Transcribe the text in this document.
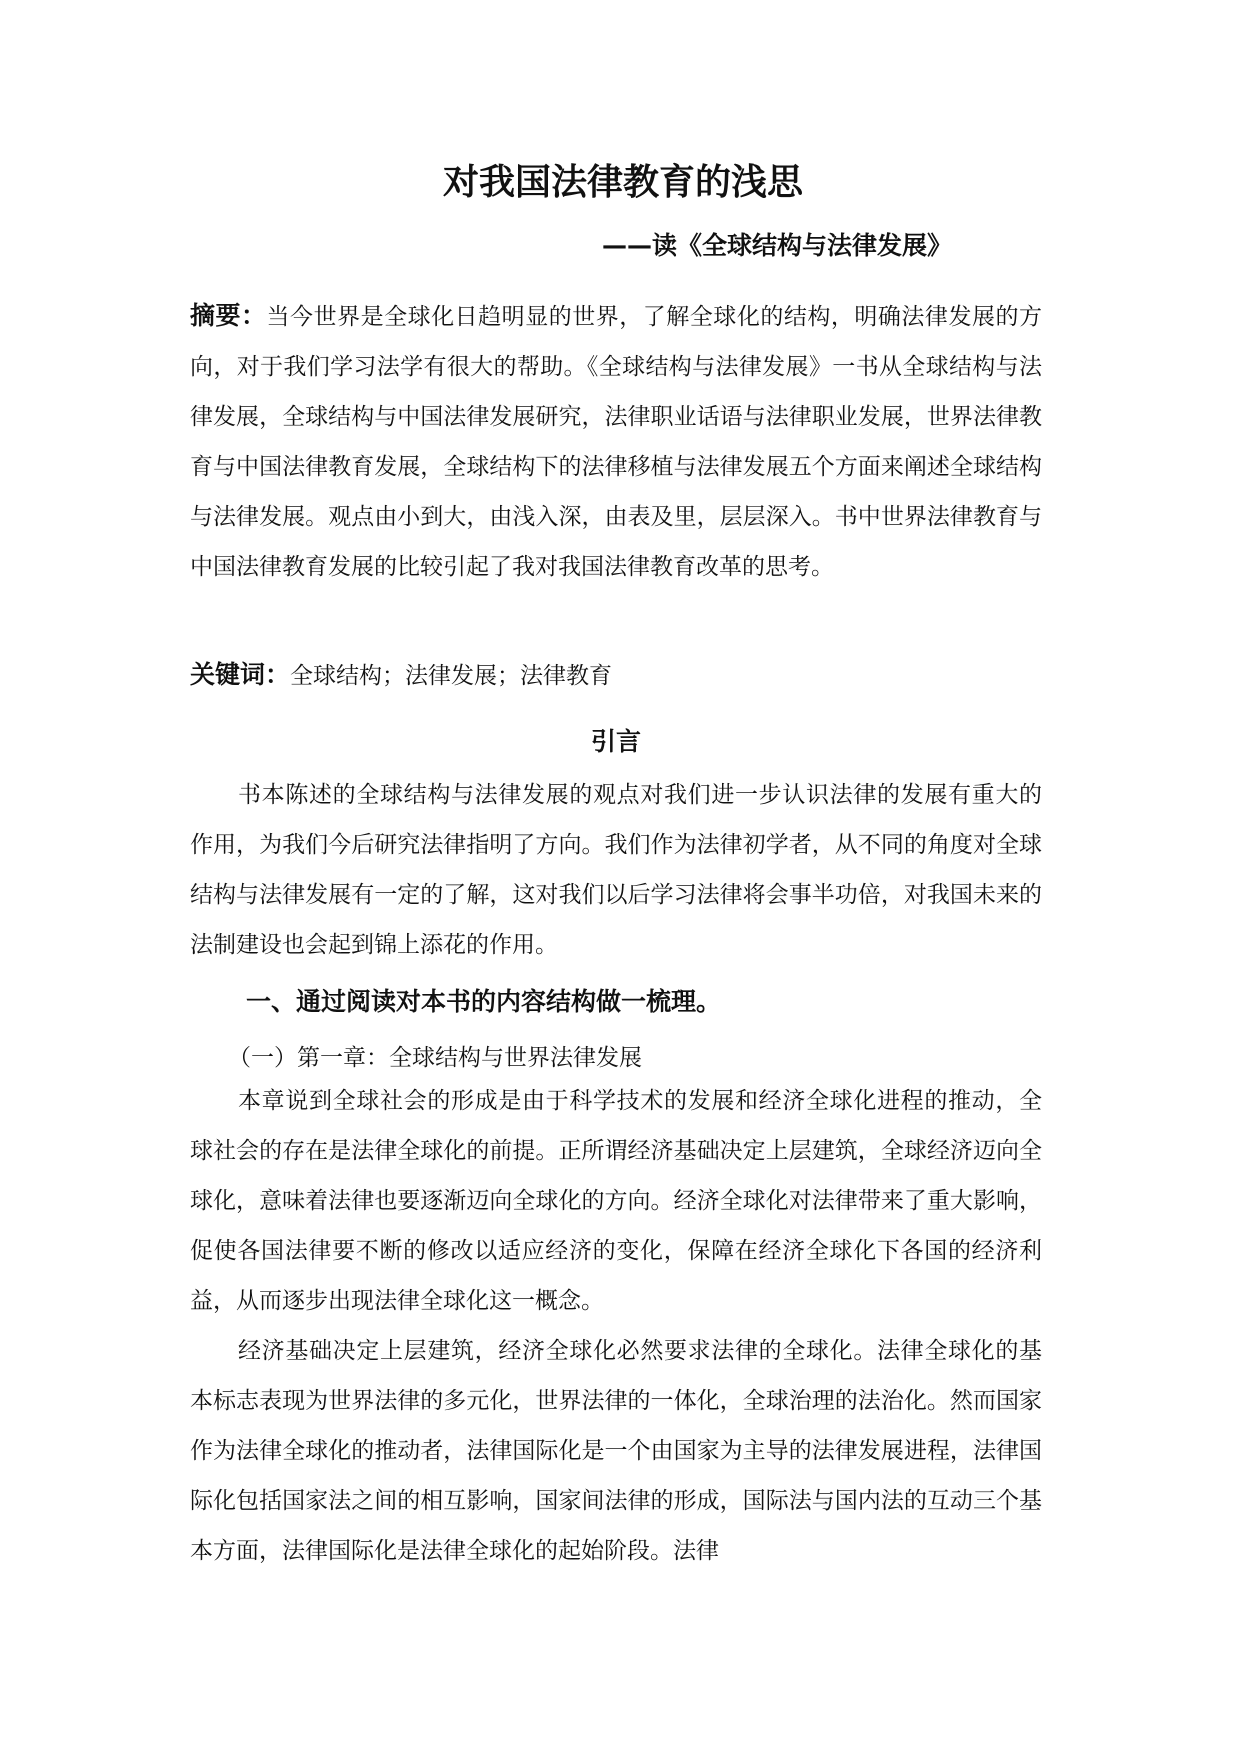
对我国法律教育的浅思
——读《全球结构与法律发展》

摘要：当今世界是全球化日趋明显的世界，了解全球化的结构，明确法律发展的方向，对于我们学习法学有很大的帮助。《全球结构与法律发展》一书从全球结构与法律发展，全球结构与中国法律发展研究，法律职业话语与法律职业发展，世界法律教育与中国法律教育发展，全球结构下的法律移植与法律发展五个方面来阐述全球结构与法律发展。观点由小到大，由浅入深，由表及里，层层深入。书中世界法律教育与中国法律教育发展的比较引起了我对我国法律教育改革的思考。

关键词：全球结构；法律发展；法律教育

引言

书本陈述的全球结构与法律发展的观点对我们进一步认识法律的发展有重大的作用，为我们今后研究法律指明了方向。我们作为法律初学者，从不同的角度对全球结构与法律发展有一定的了解，这对我们以后学习法律将会事半功倍，对我国未来的法制建设也会起到锦上添花的作用。

一、通过阅读对本书的内容结构做一梳理。
（一）第一章：全球结构与世界法律发展

本章说到全球社会的形成是由于科学技术的发展和经济全球化进程的推动，全球社会的存在是法律全球化的前提。正所谓经济基础决定上层建筑，全球经济迈向全球化，意味着法律也要逐渐迈向全球化的方向。经济全球化对法律带来了重大影响，促使各国法律要不断的修改以适应经济的变化，保障在经济全球化下各国的经济利益，从而逐步出现法律全球化这一概念。

经济基础决定上层建筑，经济全球化必然要求法律的全球化。法律全球化的基本标志表现为世界法律的多元化，世界法律的一体化，全球治理的法治化。然而国家作为法律全球化的推动者，法律国际化是一个由国家为主导的法律发展进程，法律国际化包括国家法之间的相互影响，国家间法律的形成，国际法与国内法的互动三个基本方面，法律国际化是法律全球化的起始阶段。法律
